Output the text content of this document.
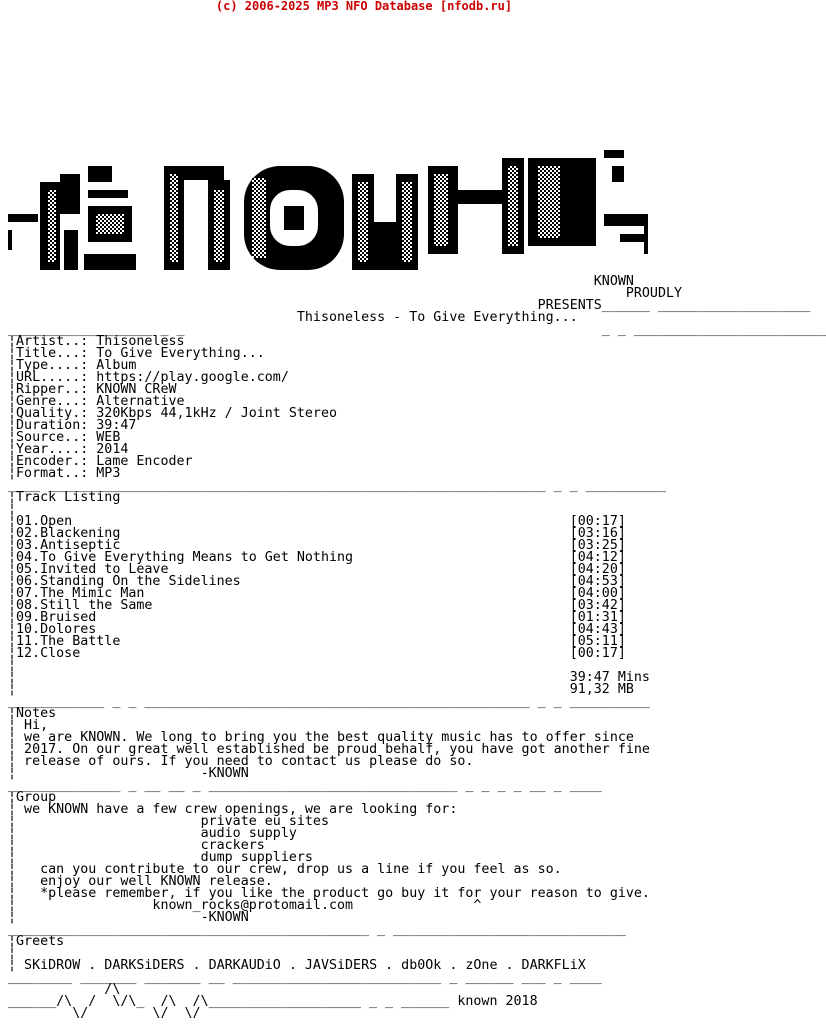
(c) 2006-2025 MP3 NFO Database [nfodb.ru]
KNOWN
PROUDLY
PRESENTS______ ___________________
Thisoneless - To Give Everything...
__________________ _ _                                                    _ _ ________________________
¦Artist..: Thisoneless
¦Title...: To Give Everything...
¦Type....: Album
¦URL.....: https://play.google.com/
¦Ripper..: KNOWN CReW
¦Genre...: Alternative
¦Quality.: 320Kbps 44,1kHz / Joint Stereo
¦Duration: 39:47
¦Source..: WEB
¦Year....: 2014
¦Encoder.: Lame Encoder
¦Format..: MP3
____ ______________________________________________________________ _ _ __________
¦Track Listing
¦
¦01.Open                                                              [00:17]
¦02.Blackening                                                        [03:16]
¦03.Antiseptic                                                        [03:25]
¦04.To Give Everything Means to Get Nothing                           [04:12]
¦05.Invited to Leave                                                  [04:20]
¦06.Standing On the Sidelines                                         [04:53]
¦07.The Mimic Man                                                     [04:00]
¦08.Still the Same                                                    [03:42]
¦09.Bruised                                                           [01:31]
¦10.Dolores                                                           [04:43]
¦11.The Battle                                                        [05:11]
¦12.Close                                                             [00:17]
¦
¦                                                                     39:47 Mins
¦                                                                     91,32 MB
____________ _ _ ________________________________________________ _ _ __________
¦Notes
¦ Hi,
¦ we are KNOWN. We long to bring you the best quality music has to offer since
¦ 2017. On our great well established be proud behalf, you have got another fine
¦ release of ours. If you need to contact us please do so.
¦                       -KNOWN
______________ _ __ __ _ _______________________________ _ _ _ _ __ _ ____
¦Group
¦ we KNOWN have a few crew openings, we are looking for:
¦                       private eu sites
¦                       audio supply
¦                       crackers
¦                       dump suppliers
¦   can you contribute to our crew, drop us a line if you feel as so.
¦   enjoy our well KNOWN release.
¦   *please remember, if you like the product go buy it for your reason to give.
¦                 known_rocks@protomail.com               ^
¦                       -KNOWN
_____________________________________________ _ _____________________________
¦Greets
¦
¦ SKiDROW . DARKSiDERS . DARKAUDiO . JAVSiDERS . db0Ok . zOne . DARKFLiX
________ _______ _______ __ __________________________ _ ______ ___ _ ____
/\
______/\  /  \/\_  /\  /\___________________ _ _ ______ known 2018
\/        \/  \/
